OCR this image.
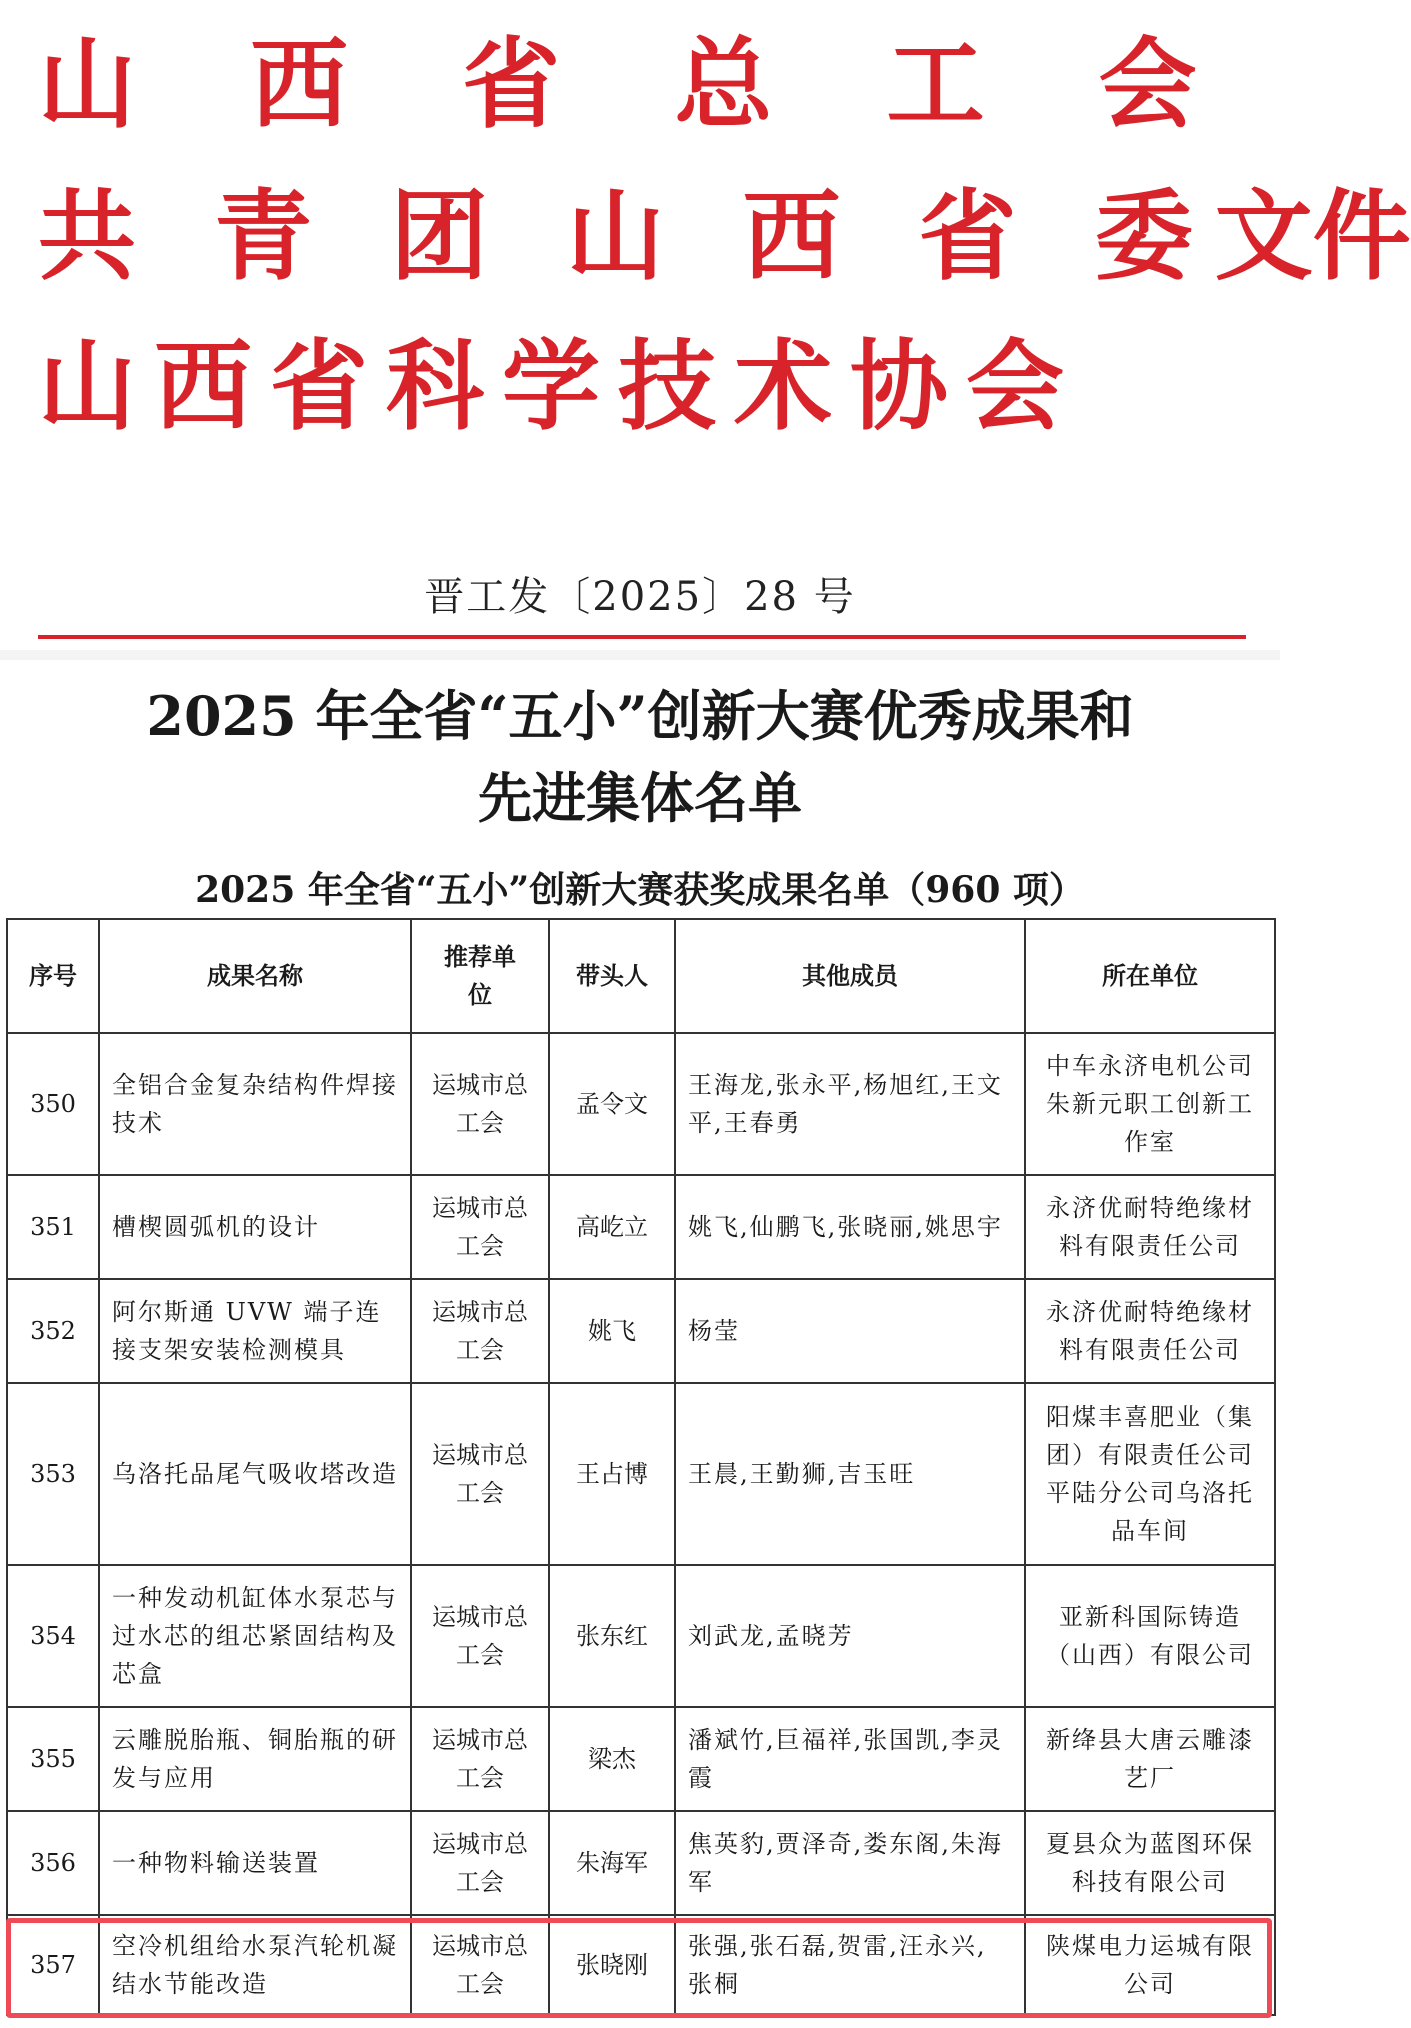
山 西 省 总 工 会
共 青 团 山 西 省 委文件
山西省科学技术协会
晋工发〔2025〕28 号
2025 年全省“五小”创新大赛优秀成果和
先进集体名单
2025 年全省“五小”创新大赛获奖成果名单（960 项）
序号	成果名称	推荐单位	带头人	其他成员	所在单位
350	全铝合金复杂结构件焊接技术	运城市总工会	孟令文	王海龙,张永平,杨旭红,王文平,王春勇	中车永济电机公司朱新元职工创新工作室
351	槽楔圆弧机的设计	运城市总工会	高屹立	姚飞,仙鹏飞,张晓丽,姚思宇	永济优耐特绝缘材料有限责任公司
352	阿尔斯通 UVW 端子连接支架安装检测模具	运城市总工会	姚飞	杨莹	永济优耐特绝缘材料有限责任公司
353	乌洛托品尾气吸收塔改造	运城市总工会	王占博	王晨,王勤狮,吉玉旺	阳煤丰喜肥业（集团）有限责任公司平陆分公司乌洛托品车间
354	一种发动机缸体水泵芯与过水芯的组芯紧固结构及芯盒	运城市总工会	张东红	刘武龙,孟晓芳	亚新科国际铸造（山西）有限公司
355	云雕脱胎瓶、铜胎瓶的研发与应用	运城市总工会	梁杰	潘斌竹,巨福祥,张国凯,李灵霞	新绛县大唐云雕漆艺厂
356	一种物料输送装置	运城市总工会	朱海军	焦英豹,贾泽奇,娄东阁,朱海军	夏县众为蓝图环保科技有限公司
357	空冷机组给水泵汽轮机凝结水节能改造	运城市总工会	张晓刚	张强,张石磊,贺雷,汪永兴,张桐	陕煤电力运城有限公司
